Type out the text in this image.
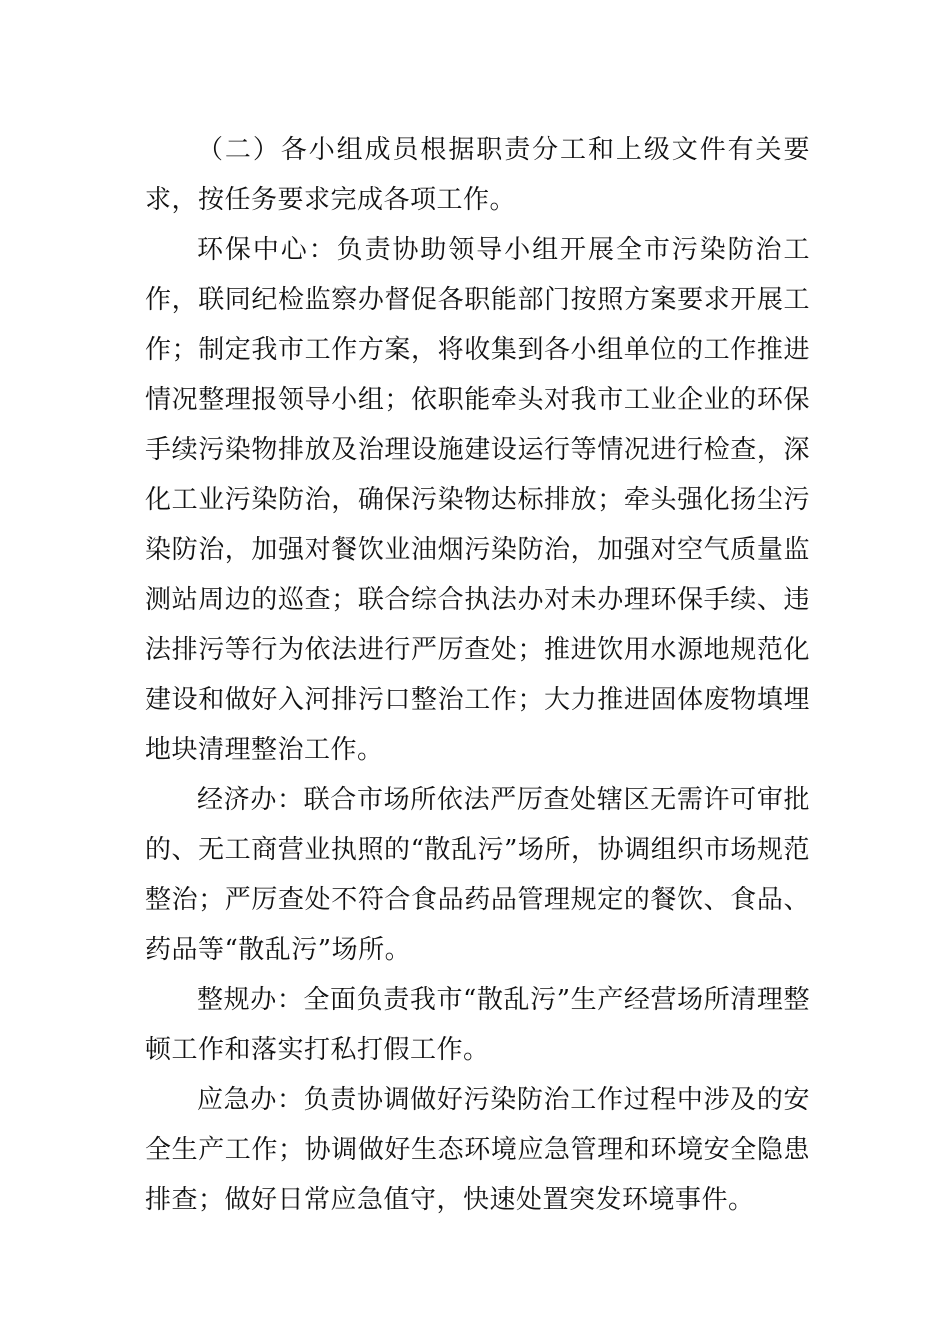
（二）各小组成员根据职责分工和上级文件有关要求，按任务要求完成各项工作。

环保中心：负责协助领导小组开展全市污染防治工作，联同纪检监察办督促各职能部门按照方案要求开展工作；制定我市工作方案，将收集到各小组单位的工作推进情况整理报领导小组；依职能牵头对我市工业企业的环保手续污染物排放及治理设施建设运行等情况进行检查，深化工业污染防治，确保污染物达标排放；牵头强化扬尘污染防治，加强对餐饮业油烟污染防治，加强对空气质量监测站周边的巡查；联合综合执法办对未办理环保手续、违法排污等行为依法进行严厉查处；推进饮用水源地规范化建设和做好入河排污口整治工作；大力推进固体废物填埋地块清理整治工作。

经济办：联合市场所依法严厉查处辖区无需许可审批的、无工商营业执照的“散乱污”场所，协调组织市场规范整治；严厉查处不符合食品药品管理规定的餐饮、食品、药品等“散乱污”场所。

整规办：全面负责我市“散乱污”生产经营场所清理整顿工作和落实打私打假工作。

应急办：负责协调做好污染防治工作过程中涉及的安全生产工作；协调做好生态环境应急管理和环境安全隐患排查；做好日常应急值守，快速处置突发环境事件。
